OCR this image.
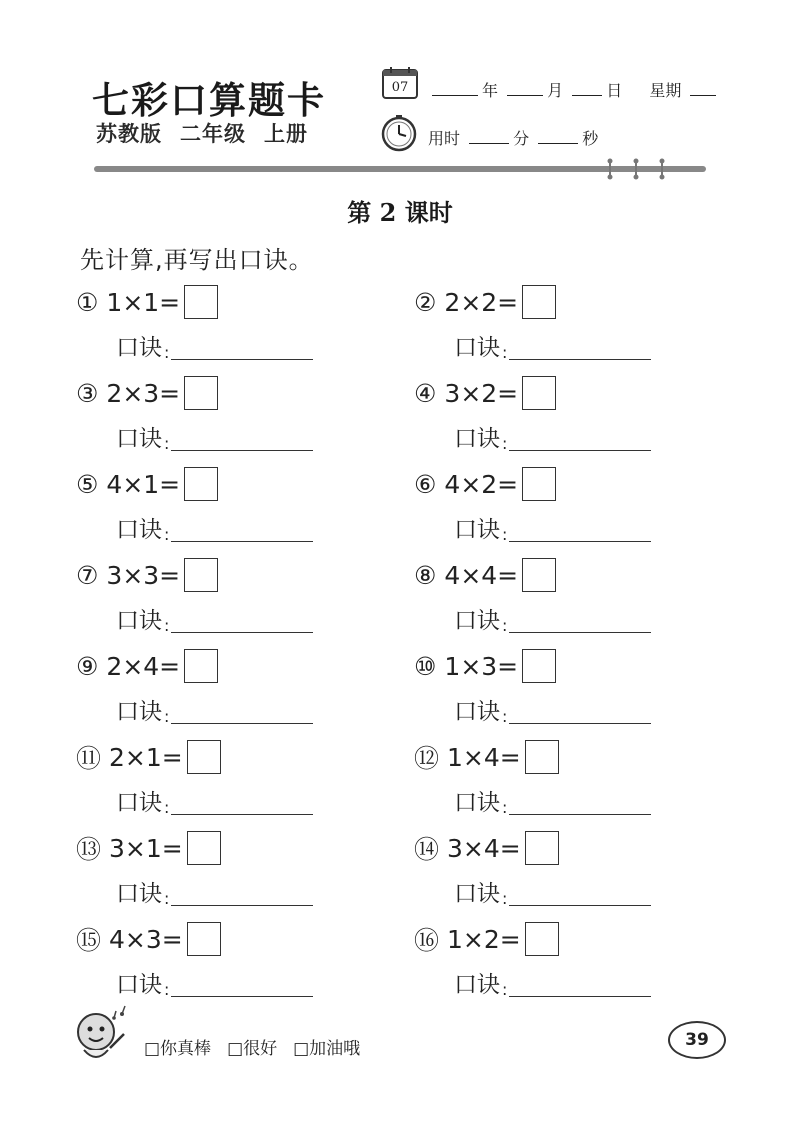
七彩口算题卡
苏教版 二年级 上册
07	年	月	日 星期
用时	分	秒
第 2 课时
先计算,再写出口诀。
① 1×1=
口诀 :
② 2×2=
口诀 :
③ 2×3=
口诀 :
④ 3×2=
口诀 :
⑤ 4×1=
口诀 :
⑥ 4×2=
口诀 :
⑦ 3×3=
口诀 :
⑧ 4×4=
口诀 :
⑨ 2×4=
口诀 :
⑩ 1×3=
口诀 :
⑪ 2×1=
口诀 :
⑫ 1×4=
口诀 :
⑬ 3×1=
口诀 :
⑭ 3×4=
口诀 :
⑮ 4×3=
口诀 :
⑯ 1×2=
口诀 :
□你真棒 □很好 □加油哦	39
